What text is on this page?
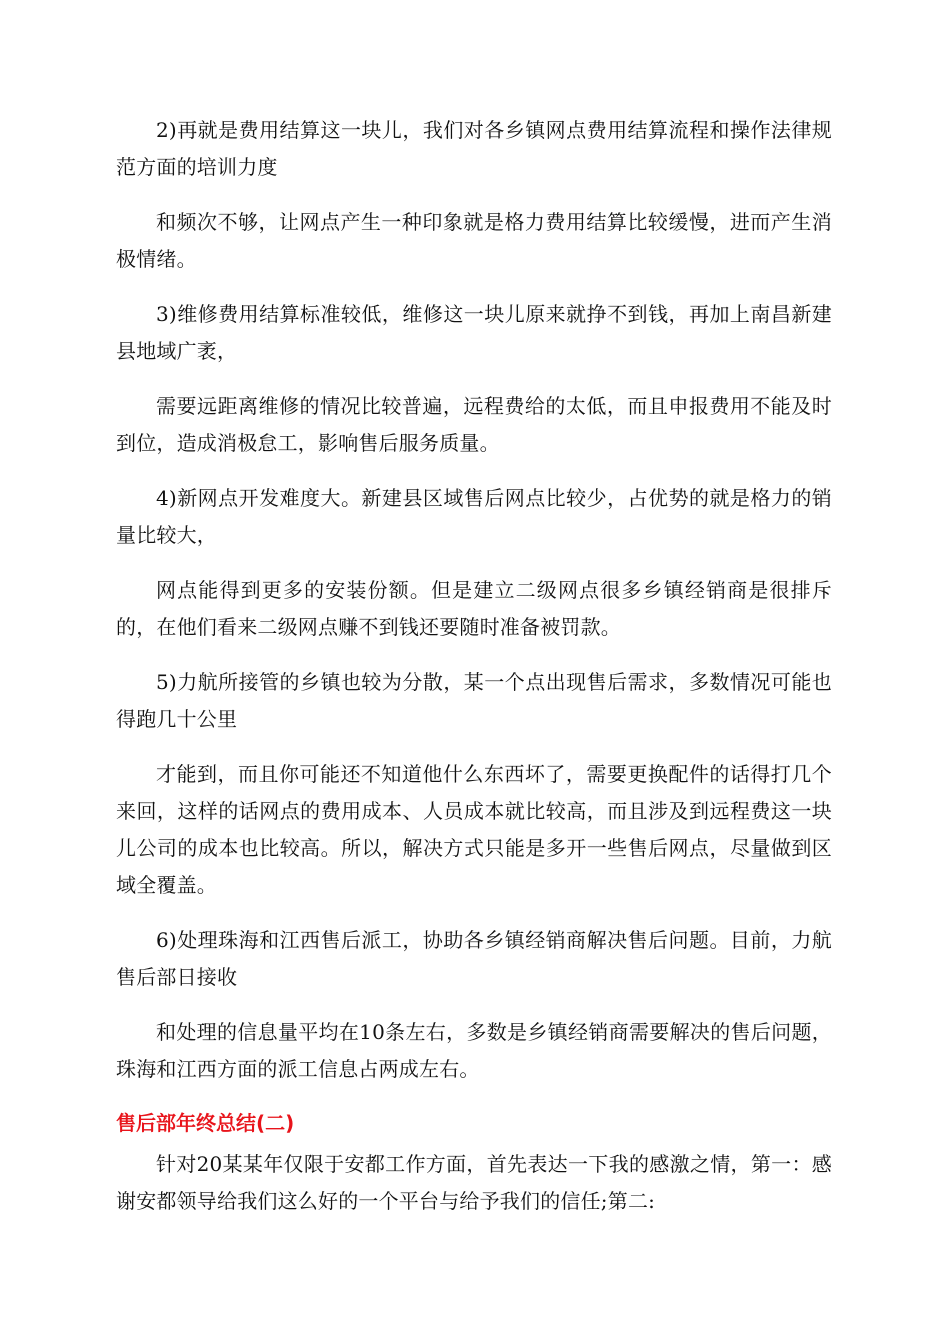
2)再就是费用结算这一块儿，我们对各乡镇网点费用结算流程和操作法律规范方面的培训力度

和频次不够，让网点产生一种印象就是格力费用结算比较缓慢，进而产生消极情绪。

3)维修费用结算标准较低，维修这一块儿原来就挣不到钱，再加上南昌新建县地域广袤，

需要远距离维修的情况比较普遍，远程费给的太低，而且申报费用不能及时到位，造成消极怠工，影响售后服务质量。

4)新网点开发难度大。新建县区域售后网点比较少，占优势的就是格力的销量比较大，

网点能得到更多的安装份额。但是建立二级网点很多乡镇经销商是很排斥的，在他们看来二级网点赚不到钱还要随时准备被罚款。

5)力航所接管的乡镇也较为分散，某一个点出现售后需求，多数情况可能也得跑几十公里

才能到，而且你可能还不知道他什么东西坏了，需要更换配件的话得打几个来回，这样的话网点的费用成本、人员成本就比较高，而且涉及到远程费这一块儿公司的成本也比较高。所以，解决方式只能是多开一些售后网点，尽量做到区域全覆盖。

6)处理珠海和江西售后派工，协助各乡镇经销商解决售后问题。目前，力航售后部日接收

和处理的信息量平均在10条左右，多数是乡镇经销商需要解决的售后问题，珠海和江西方面的派工信息占两成左右。

售后部年终总结(二)

针对20某某年仅限于安都工作方面，首先表达一下我的感激之情，第一：感谢安都领导给我们这么好的一个平台与给予我们的信任;第二:
